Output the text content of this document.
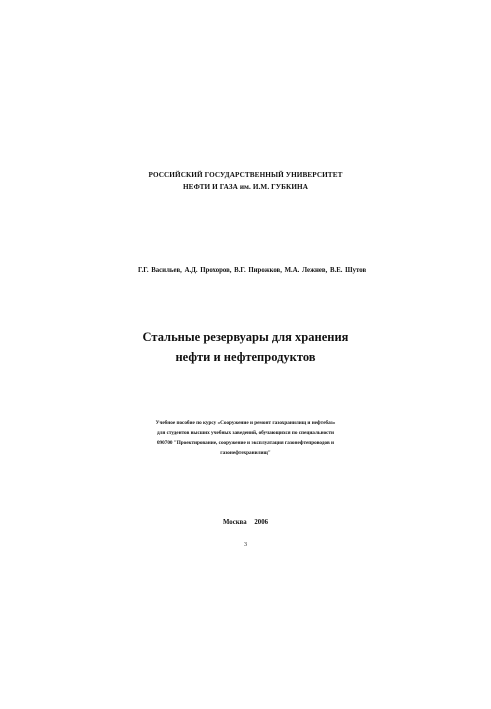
РОССИЙСКИЙ ГОСУДАРСТВЕННЫЙ УНИВЕРСИТЕТ
НЕФТИ И ГАЗА им. И.М. ГУБКИНА
Г.Г. Васильев, А.Д. Прохоров, В.Г. Пирожков, М.А. Лежнев, В.Е. Шутов
Стальные резервуары для хранения
нефти и нефтепродуктов
Учебное пособие по курсу «Сооружение и ремонт газохранилищ и нефтебаз»
для студентов высших учебных заведений, обучающихся по специальности
090700 "Проектирование, сооружение и эксплуатация газонефтепроводов и
газонефтехранилищ"
Москва 2006
3
